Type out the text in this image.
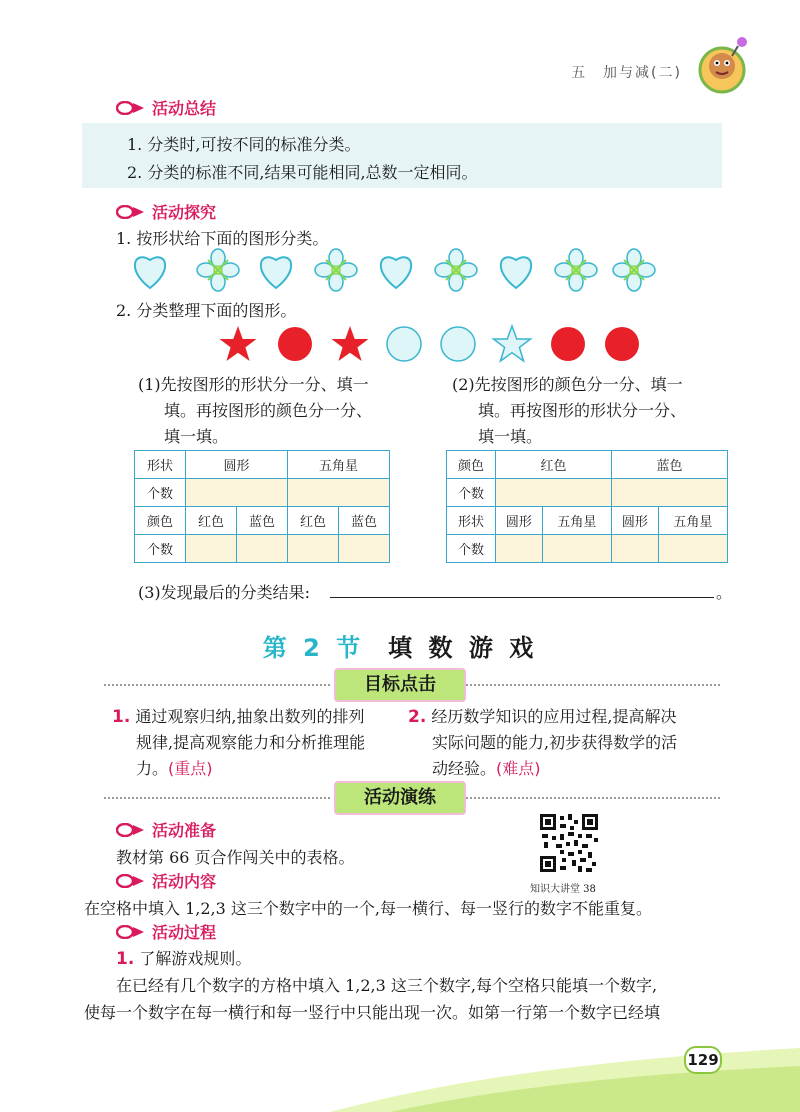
五　加与减(二)
活动总结
1. 分类时,可按不同的标准分类。
2. 分类的标准不同,结果可能相同,总数一定相同。
活动探究
1. 按形状给下面的图形分类。
2. 分类整理下面的图形。
(1)先按图形的形状分一分、填一
填。再按图形的颜色分一分、
填一填。
(2)先按图形的颜色分一分、填一
填。再按图形的形状分一分、
填一填。
形状	圆形		五角星	
个数				
颜色	红色	蓝色	红色	蓝色
个数				
颜色	红色		蓝色	
个数				
形状	圆形	五角星	圆形	五角星
个数				
(3)发现最后的分类结果:	。
第 2 节 填 数 游 戏
目标点击
1. 通过观察归纳,抽象出数列的排列
规律,提高观察能力和分析推理能
力。(重点)
2. 经历数学知识的应用过程,提高解决
实际问题的能力,初步获得数学的活
动经验。(难点)
活动演练
活动准备
教材第 66 页合作闯关中的表格。
知识大讲堂 38
活动内容
在空格中填入 1,2,3 这三个数字中的一个,每一横行、每一竖行的数字不能重复。
活动过程
1. 了解游戏规则。
在已经有几个数字的方格中填入 1,2,3 这三个数字,每个空格只能填一个数字,
使每一个数字在每一横行和每一竖行中只能出现一次。如第一行第一个数字已经填
129
